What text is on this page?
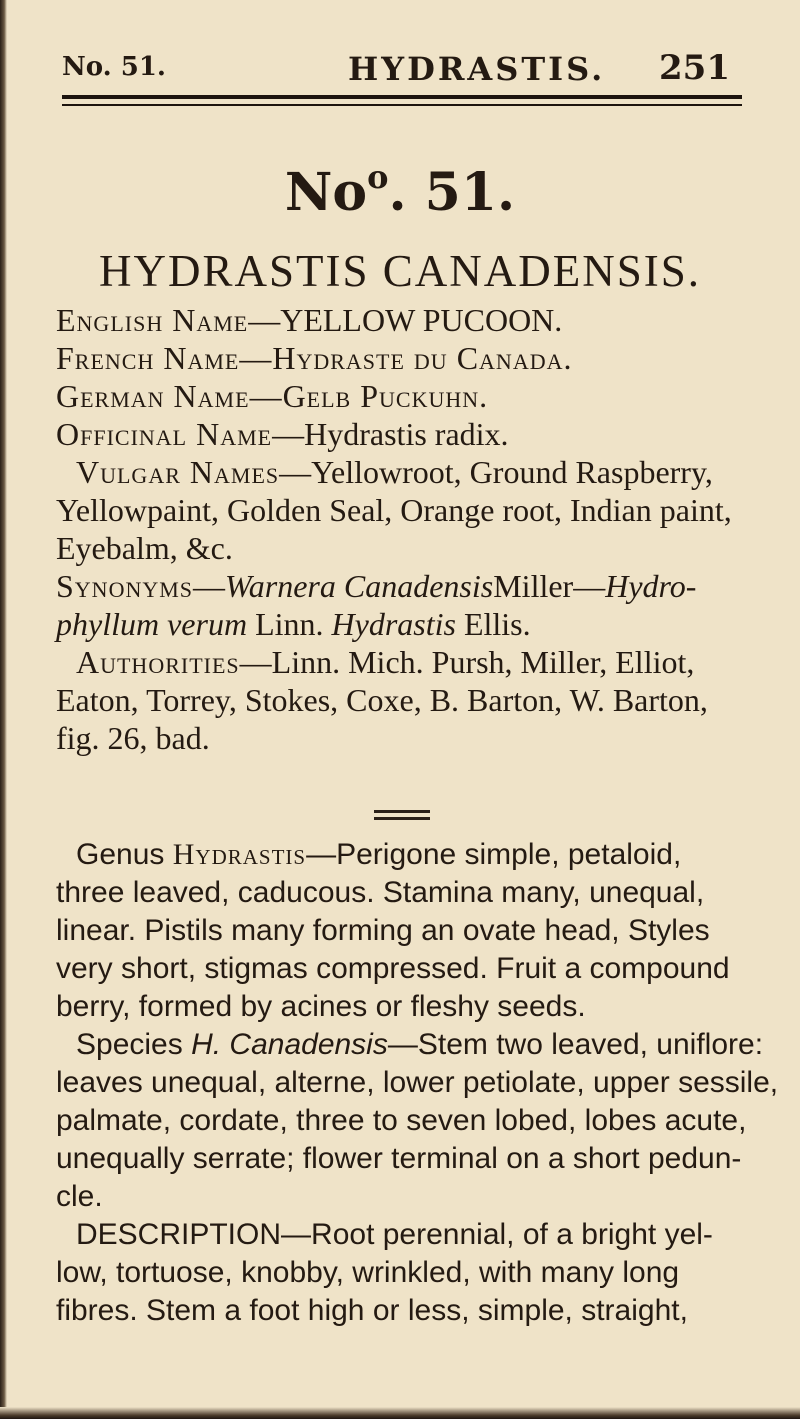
No. 51.	HYDRASTIS. 251
No$^o$. 51.
HYDRASTIS CANADENSIS.
English Name—YELLOW PUCOON.
French Name—Hydraste du Canada.
German Name—Gelb Puckuhn.
Officinal Name—Hydrastis radix.
Vulgar Names—Yellowroot, Ground Raspberry,
Yellowpaint, Golden Seal, Orange root, Indian paint,
Eyebalm, &c.
Synonyms—Warnera CanadensisMiller—Hydro-
phyllum verum Linn. Hydrastis Ellis.
Authorities—Linn. Mich. Pursh, Miller, Elliot,
Eaton, Torrey, Stokes, Coxe, B. Barton, W. Barton,
fig. 26, bad.
Genus Hydrastis—Perigone simple, petaloid,
three leaved, caducous. Stamina many, unequal,
linear. Pistils many forming an ovate head, Styles
very short, stigmas compressed. Fruit a compound
berry, formed by acines or fleshy seeds.
Species H. Canadensis—Stem two leaved, uniflore:
leaves unequal, alterne, lower petiolate, upper sessile,
palmate, cordate, three to seven lobed, lobes acute,
unequally serrate; flower terminal on a short pedun-
cle.
DESCRIPTION—Root perennial, of a bright yel-
low, tortuose, knobby, wrinkled, with many long
fibres. Stem a foot high or less, simple, straight,
